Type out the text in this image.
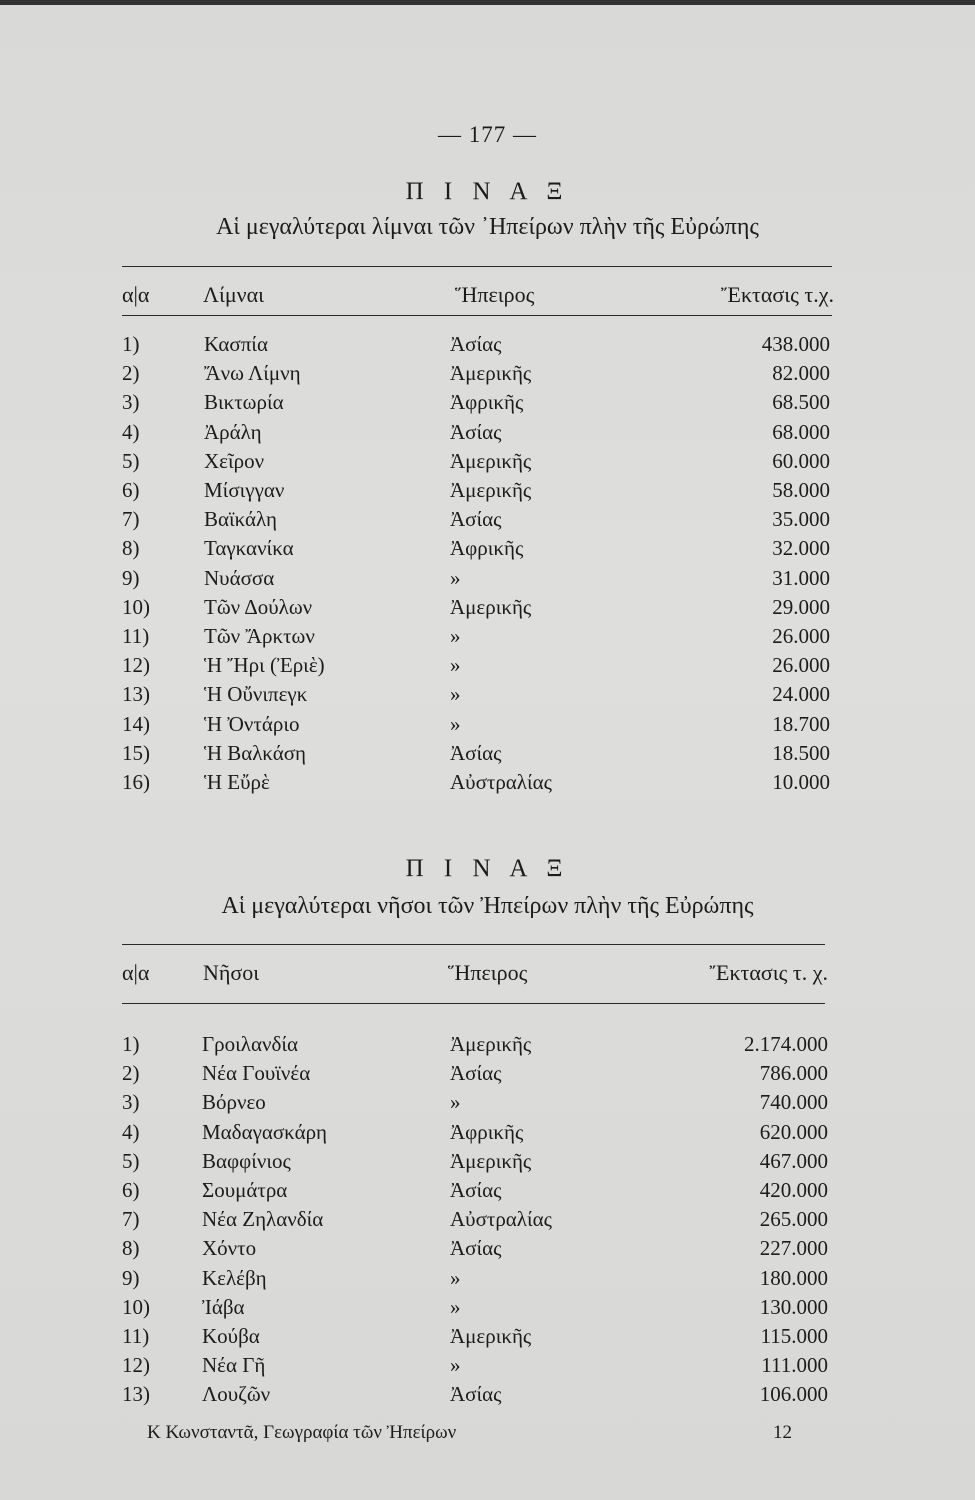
— 177 —
Π Ι Ν Α Ξ
Αἱ μεγαλύτεραι λίμναι τῶν ᾿Ηπείρων πλὴν τῆς Εὐρώπης
α|α Λίμναι	Ἥπειρος	Ἔκτασις τ.χ.
1)	Κασπία	Ἀσίας	438.000
2)	Ἄνω Λίμνη	Ἀμερικῆς	82.000
3)	Βικτωρία	Ἀφρικῆς	68.500
4)	Ἀράλη	Ἀσίας	68.000
5)	Χεῖρον	Ἀμερικῆς	60.000
6)	Μίσιγγαν	Ἀμερικῆς	58.000
7)	Βαϊκάλη	Ἀσίας	35.000
8)	Ταγκανίκα	Ἀφρικῆς	32.000
9)	Νυάσσα	»	31.000
10)	Τῶν Δούλων	Ἀμερικῆς	29.000
11)	Τῶν Ἄρκτων	»	26.000
12)	Ἡ Ἤρι (Ἐριὲ)	»	26.000
13)	Ἡ Οὔνιπεγκ	»	24.000
14)	Ἡ Ὀντάριο	»	18.700
15)	Ἡ Βαλκάση	Ἀσίας	18.500
16)	Ἡ Εὔρὲ	Αὐστραλίας	10.000
Π Ι Ν Α Ξ
Αἱ μεγαλύτεραι νῆσοι τῶν Ἠπείρων πλὴν τῆς Εὐρώπης
α|α Νῆσοι	Ἥπειρος	Ἔκτασις τ. χ.
1)	Γροιλανδία	Ἀμερικῆς	2.174.000
2)	Νέα Γουϊνέα	Ἀσίας	786.000
3)	Βόρνεο	»	740.000
4)	Μαδαγασκάρη	Ἀφρικῆς	620.000
5)	Βαφφίνιος	Ἀμερικῆς	467.000
6)	Σουμάτρα	Ἀσίας	420.000
7)	Νέα Ζηλανδία	Αὐστραλίας	265.000
8)	Χόντο	Ἀσίας	227.000
9)	Κελέβη	»	180.000
10) Ἰάβα	»	130.000
11)	Κούβα	Ἀμερικῆς	115.000
12) Νέα Γῆ	»	111.000
13) Λουζῶν	Ἀσίας	106.000
Κ Κωνσταντᾶ, Γεωγραφία τῶν Ἠπείρων	12
